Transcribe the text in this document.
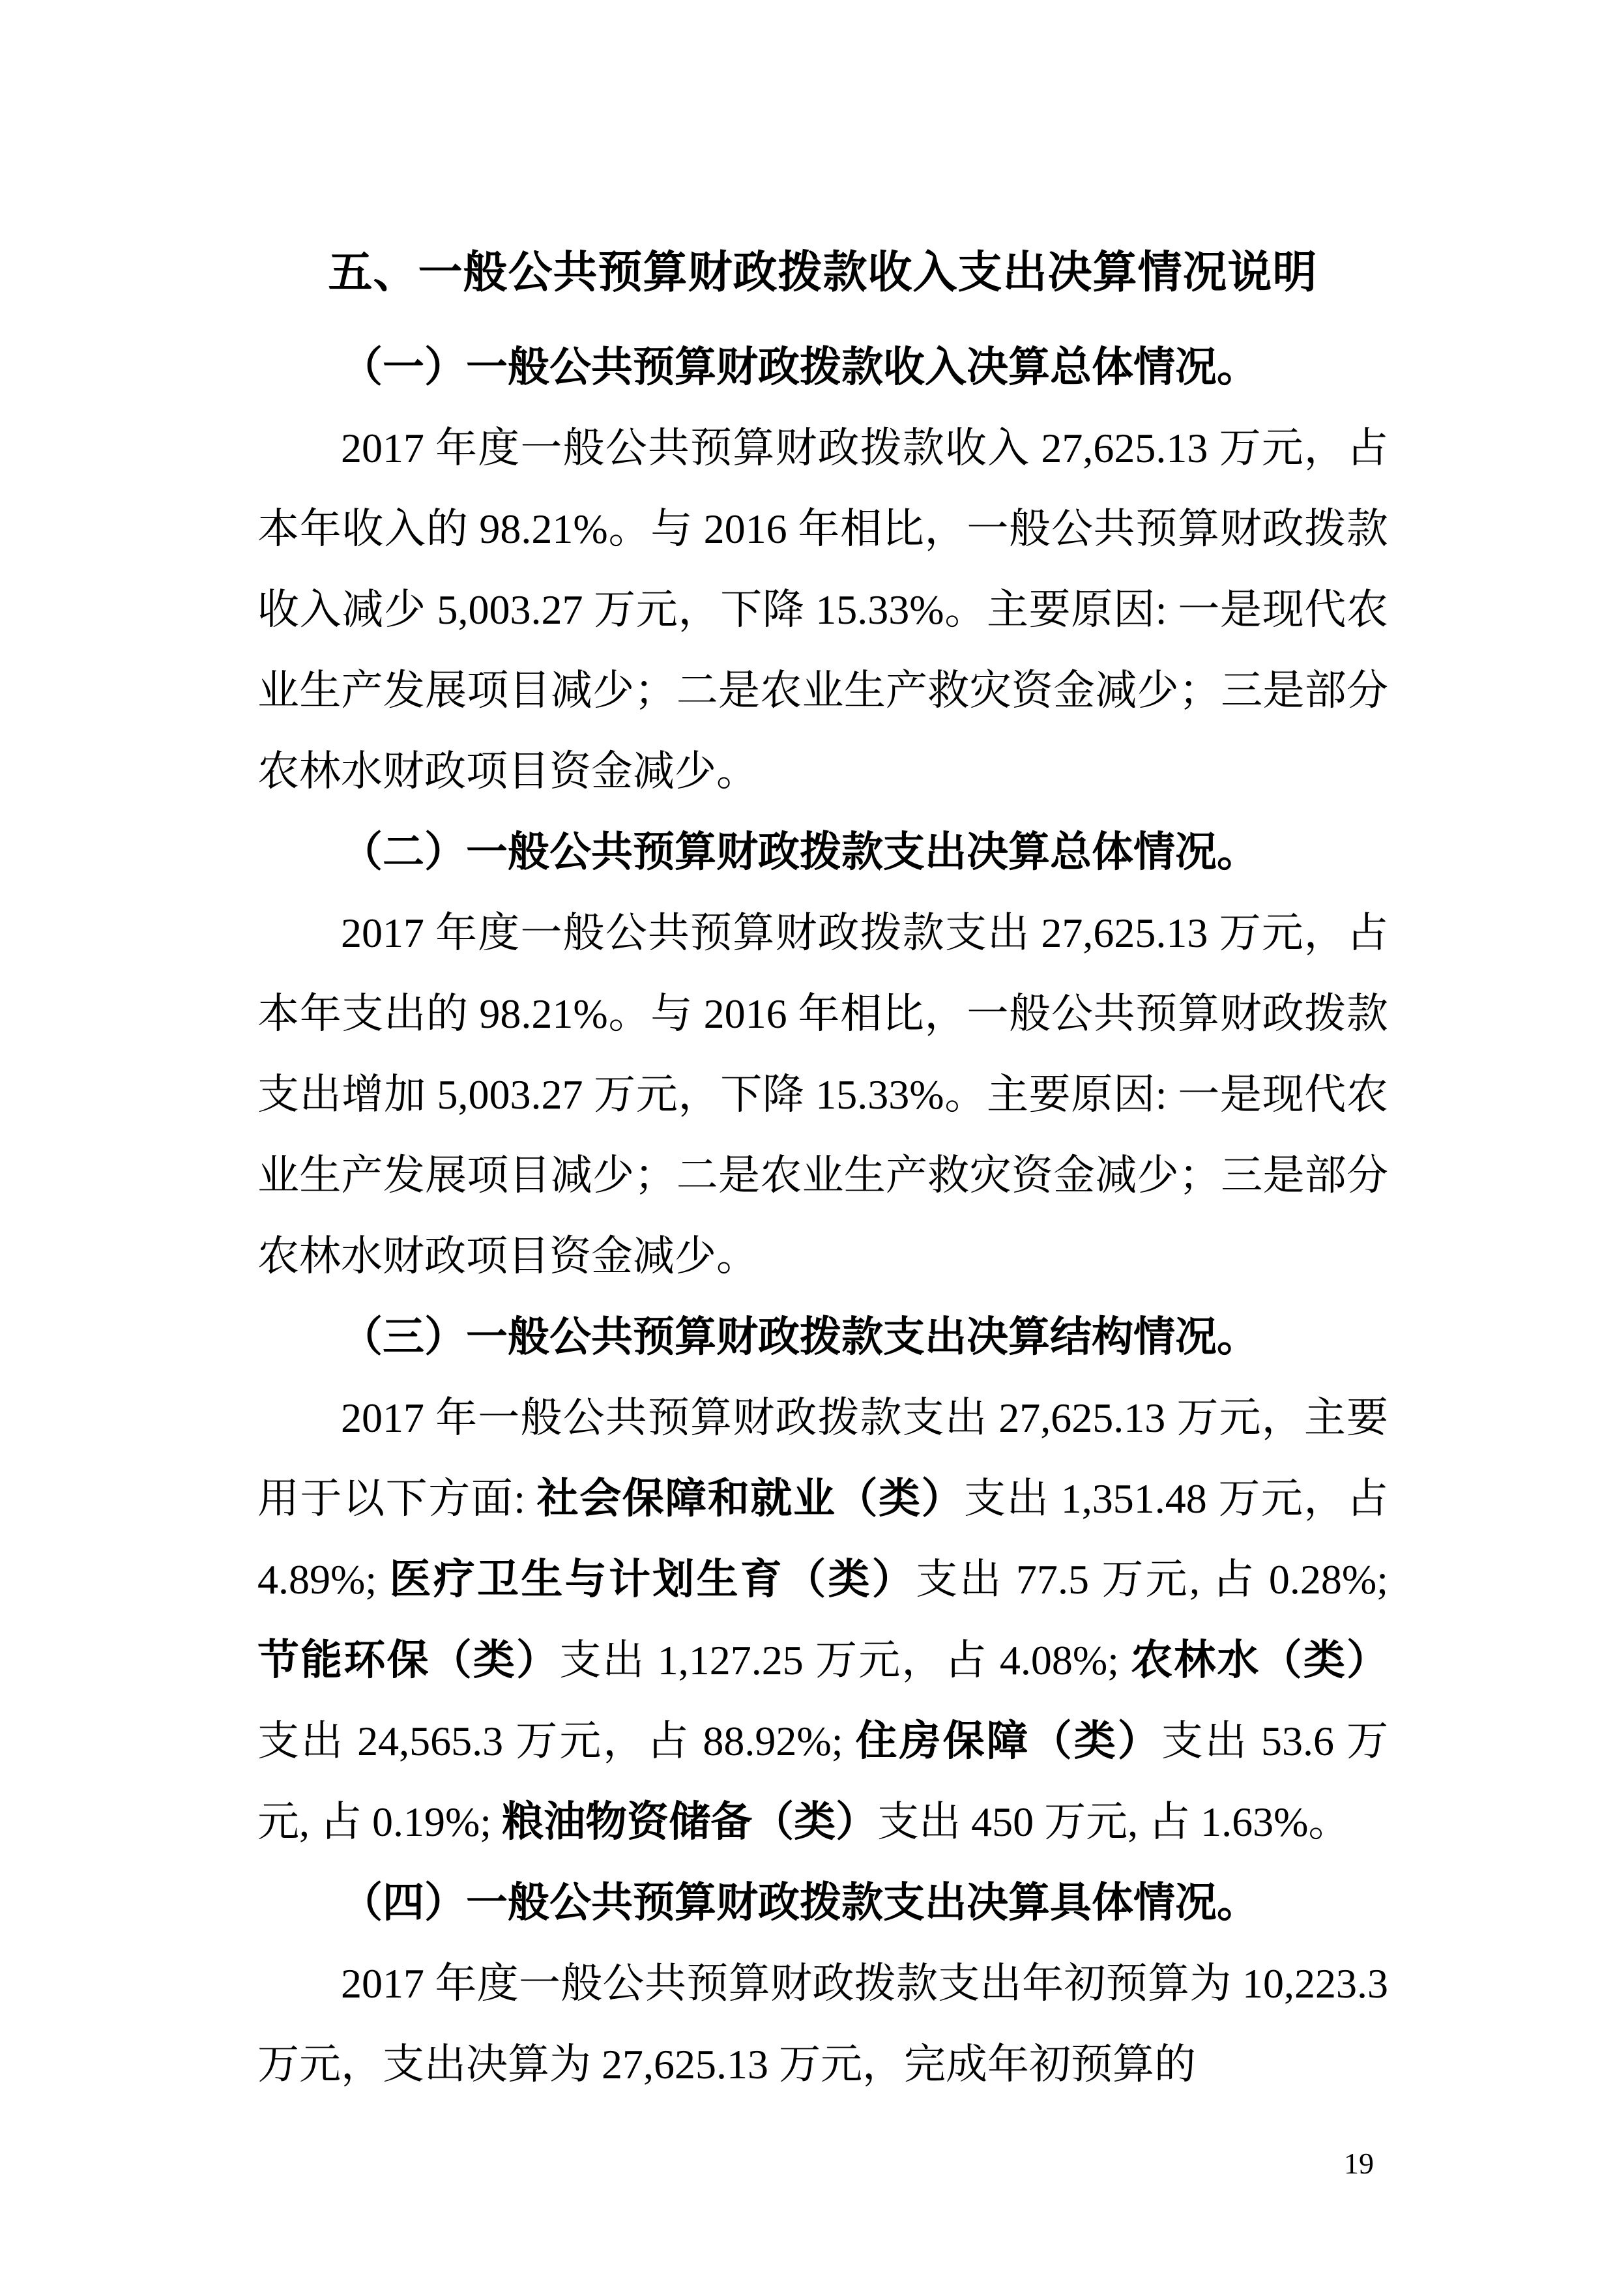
五、一般公共预算财政拨款收入支出决算情况说明
（一）一般公共预算财政拨款收入决算总体情况。

2017 年度一般公共预算财政拨款收入 27,625.13 万元，占本年收入的 98.21%。与 2016 年相比，一般公共预算财政拨款收入减少 5,003.27 万元，下降 15.33%。主要原因: 一是现代农业生产发展项目减少；二是农业生产救灾资金减少；三是部分农林水财政项目资金减少。

（二）一般公共预算财政拨款支出决算总体情况。

2017 年度一般公共预算财政拨款支出 27,625.13 万元，占本年支出的 98.21%。与 2016 年相比，一般公共预算财政拨款支出增加 5,003.27 万元，下降 15.33%。主要原因: 一是现代农业生产发展项目减少；二是农业生产救灾资金减少；三是部分农林水财政项目资金减少。

（三）一般公共预算财政拨款支出决算结构情况。

2017 年一般公共预算财政拨款支出 27,625.13 万元，主要用于以下方面: 社会保障和就业（类）支出 1,351.48 万元，占 4.89%; 医疗卫生与计划生育（类）支出 77.5 万元, 占 0.28%; 节能环保（类）支出 1,127.25 万元，占 4.08%; 农林水（类）支出 24,565.3 万元，占 88.92%; 住房保障（类）支出 53.6 万元, 占 0.19%; 粮油物资储备（类）支出 450 万元, 占 1.63%。

（四）一般公共预算财政拨款支出决算具体情况。

2017 年度一般公共预算财政拨款支出年初预算为 10,223.3 万元，支出决算为 27,625.13 万元，完成年初预算的

19
